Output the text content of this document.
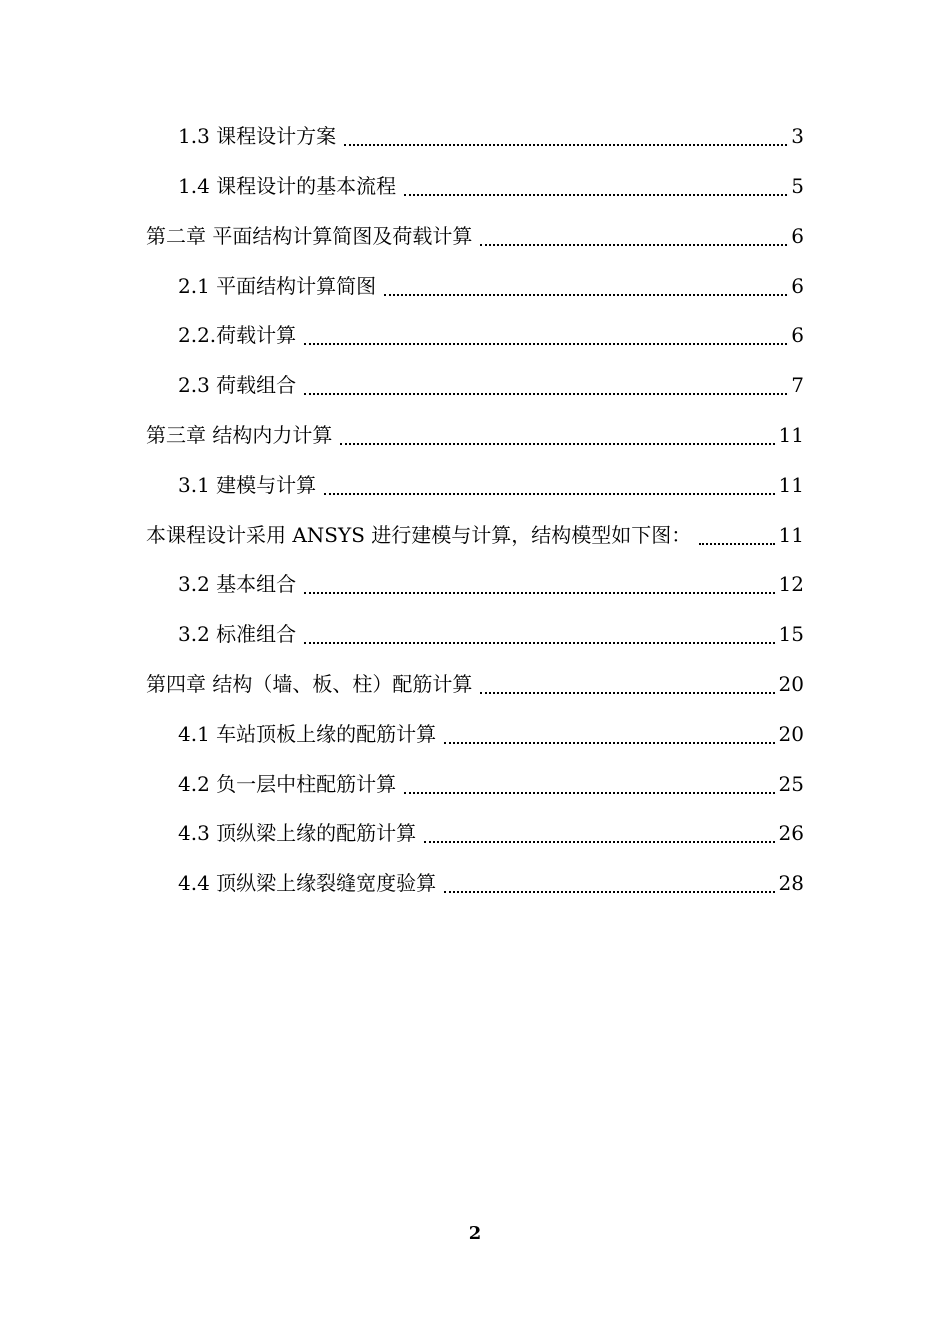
1.3 课程设计方案	3
1.4 课程设计的基本流程	5
第二章 平面结构计算简图及荷载计算	6
2.1 平面结构计算简图	6
2.2.荷载计算	6
2.3 荷载组合	7
第三章 结构内力计算	11
3.1 建模与计算	11
本课程设计采用 ANSYS 进行建模与计算，结构模型如下图：	11
3.2 基本组合	12
3.2 标准组合	15
第四章 结构（墙、板、柱）配筋计算	20
4.1 车站顶板上缘的配筋计算	20
4.2 负一层中柱配筋计算	25
4.3 顶纵梁上缘的配筋计算	26
4.4 顶纵梁上缘裂缝宽度验算	28
2
